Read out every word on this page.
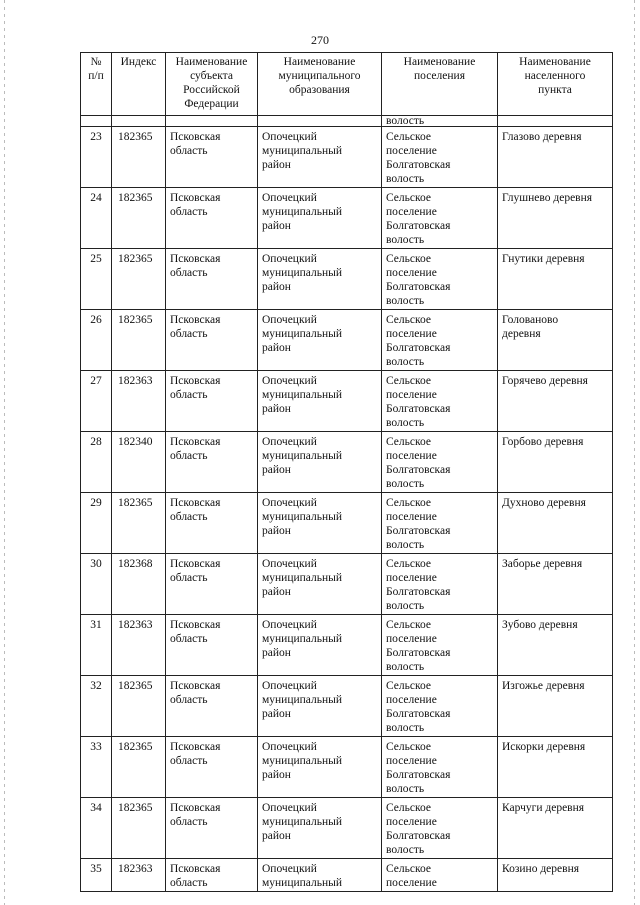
270
№
п/п	Индекс	Наименование
субъекта
Российской
Федерации	Наименование
муниципального
образования	Наименование
поселения	Наименование
населенного
пункта

				волость	

23	182365	Псковская
область	Опочецкий
муниципальный
район	Сельское
поселение
Болгатовская
волость	Глазово деревня

24	182365	Псковская
область	Опочецкий
муниципальный
район	Сельское
поселение
Болгатовская
волость	Глушнево деревня

25	182365	Псковская
область	Опочецкий
муниципальный
район	Сельское
поселение
Болгатовская
волость	Гнутики деревня

26	182365	Псковская
область	Опочецкий
муниципальный
район	Сельское
поселение
Болгатовская
волость	Голованово
деревня

27	182363	Псковская
область	Опочецкий
муниципальный
район	Сельское
поселение
Болгатовская
волость	Горячево деревня

28	182340	Псковская
область	Опочецкий
муниципальный
район	Сельское
поселение
Болгатовская
волость	Горбово деревня

29	182365	Псковская
область	Опочецкий
муниципальный
район	Сельское
поселение
Болгатовская
волость	Духново деревня

30	182368	Псковская
область	Опочецкий
муниципальный
район	Сельское
поселение
Болгатовская
волость	Заборье деревня

31	182363	Псковская
область	Опочецкий
муниципальный
район	Сельское
поселение
Болгатовская
волость	Зубово деревня

32	182365	Псковская
область	Опочецкий
муниципальный
район	Сельское
поселение
Болгатовская
волость	Изгожье деревня

33	182365	Псковская
область	Опочецкий
муниципальный
район	Сельское
поселение
Болгатовская
волость	Искорки деревня

34	182365	Псковская
область	Опочецкий
муниципальный
район	Сельское
поселение
Болгатовская
волость	Карчуги деревня

35	182363	Псковская
область	Опочецкий
муниципальный	Сельское
поселение	Козино деревня
